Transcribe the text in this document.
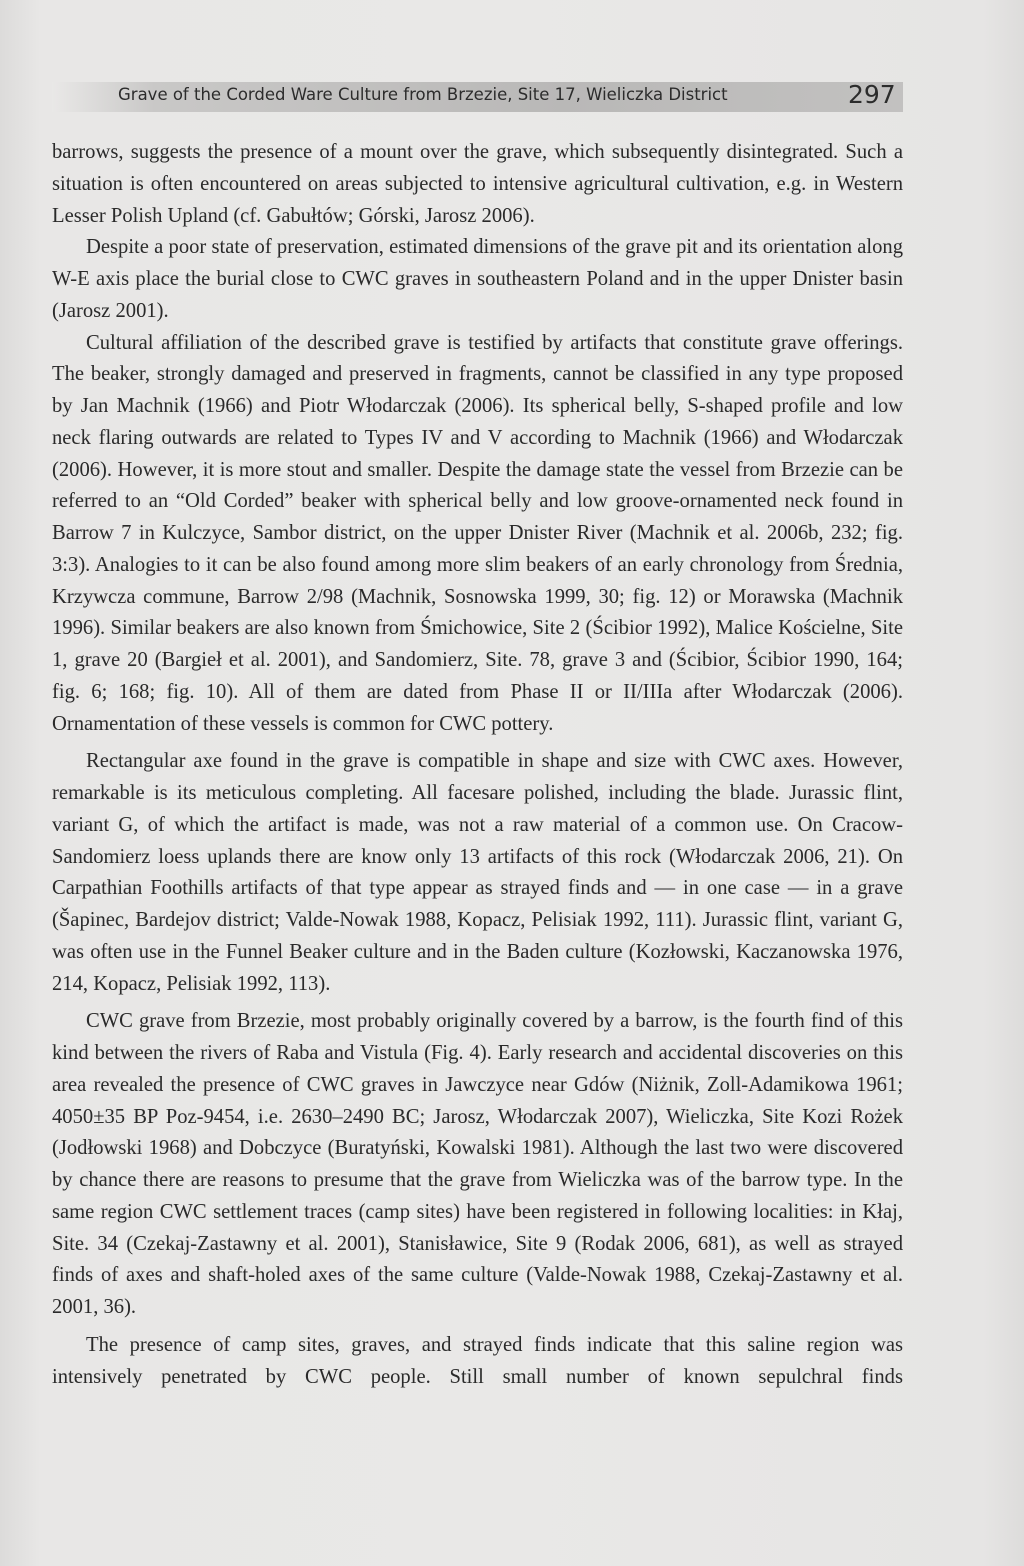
Grave of the Corded Ware Culture from Brzezie, Site 17, Wieliczka District	297

barrows, suggests the presence of a mount over the grave, which subsequently disintegrated. Such a situation is often encountered on areas subjected to intensive agricultural cultivation, e.g. in Western Lesser Polish Upland (cf. Gabułtów; Górski, Jarosz 2006).

Despite a poor state of preservation, estimated dimensions of the grave pit and its orientation along W-E axis place the burial close to CWC graves in southeastern Poland and in the upper Dnister basin (Jarosz 2001).

Cultural affiliation of the described grave is testified by artifacts that constitute grave offerings. The beaker, strongly damaged and preserved in fragments, cannot be classified in any type proposed by Jan Machnik (1966) and Piotr Włodarczak (2006). Its spherical belly, S-shaped profile and low neck flaring outwards are related to Types IV and V according to Machnik (1966) and Włodarczak (2006). However, it is more stout and smaller. Despite the damage state the vessel from Brzezie can be referred to an “Old Corded” beaker with spherical belly and low groove-ornamented neck found in Barrow 7 in Kulczyce, Sambor district, on the upper Dnister River (Machnik et al. 2006b, 232; fig. 3:3). Analogies to it can be also found among more slim beakers of an early chronology from Średnia, Krzywcza commune, Barrow 2/98 (Machnik, Sosnowska 1999, 30; fig. 12) or Morawska (Machnik 1996). Similar beakers are also known from Śmichowice, Site 2 (Ścibior 1992), Malice Kościelne, Site 1, grave 20 (Bargieł et al. 2001), and Sandomierz, Site. 78, grave 3 and (Ścibior, Ścibior 1990, 164; fig. 6; 168; fig. 10). All of them are dated from Phase II or II/IIIa after Włodarczak (2006). Ornamentation of these vessels is common for CWC pottery.

Rectangular axe found in the grave is compatible in shape and size with CWC axes. However, remarkable is its meticulous completing. All facesare polished, including the blade. Jurassic flint, variant G, of which the artifact is made, was not a raw material of a common use. On Cracow-Sandomierz loess uplands there are know only 13 artifacts of this rock (Włodarczak 2006, 21). On Carpathian Foothills artifacts of that type appear as strayed finds and — in one case — in a grave (Šapinec, Bardejov district; Valde-Nowak 1988, Kopacz, Pelisiak 1992, 111). Jurassic flint, variant G, was often use in the Funnel Beaker culture and in the Baden culture (Kozłowski, Kaczanowska 1976, 214, Kopacz, Pelisiak 1992, 113).

CWC grave from Brzezie, most probably originally covered by a barrow, is the fourth find of this kind between the rivers of Raba and Vistula (Fig. 4). Early research and accidental discoveries on this area revealed the presence of CWC graves in Jawczyce near Gdów (Niżnik, Zoll-Adamikowa 1961; 4050±35 BP Poz-9454, i.e. 2630–2490 BC; Jarosz, Włodarczak 2007), Wieliczka, Site Kozi Rożek (Jodłowski 1968) and Dobczyce (Buratyński, Kowalski 1981). Although the last two were discovered by chance there are reasons to presume that the grave from Wieliczka was of the barrow type. In the same region CWC settlement traces (camp sites) have been registered in following localities: in Kłaj, Site. 34 (Czekaj-Zastawny et al. 2001), Stanisławice, Site 9 (Rodak 2006, 681), as well as strayed finds of axes and shaft-holed axes of the same culture (Valde-Nowak 1988, Czekaj-Zastawny et al. 2001, 36).

The presence of camp sites, graves, and strayed finds indicate that this saline region was intensively penetrated by CWC people. Still small number of known sepulchral finds
